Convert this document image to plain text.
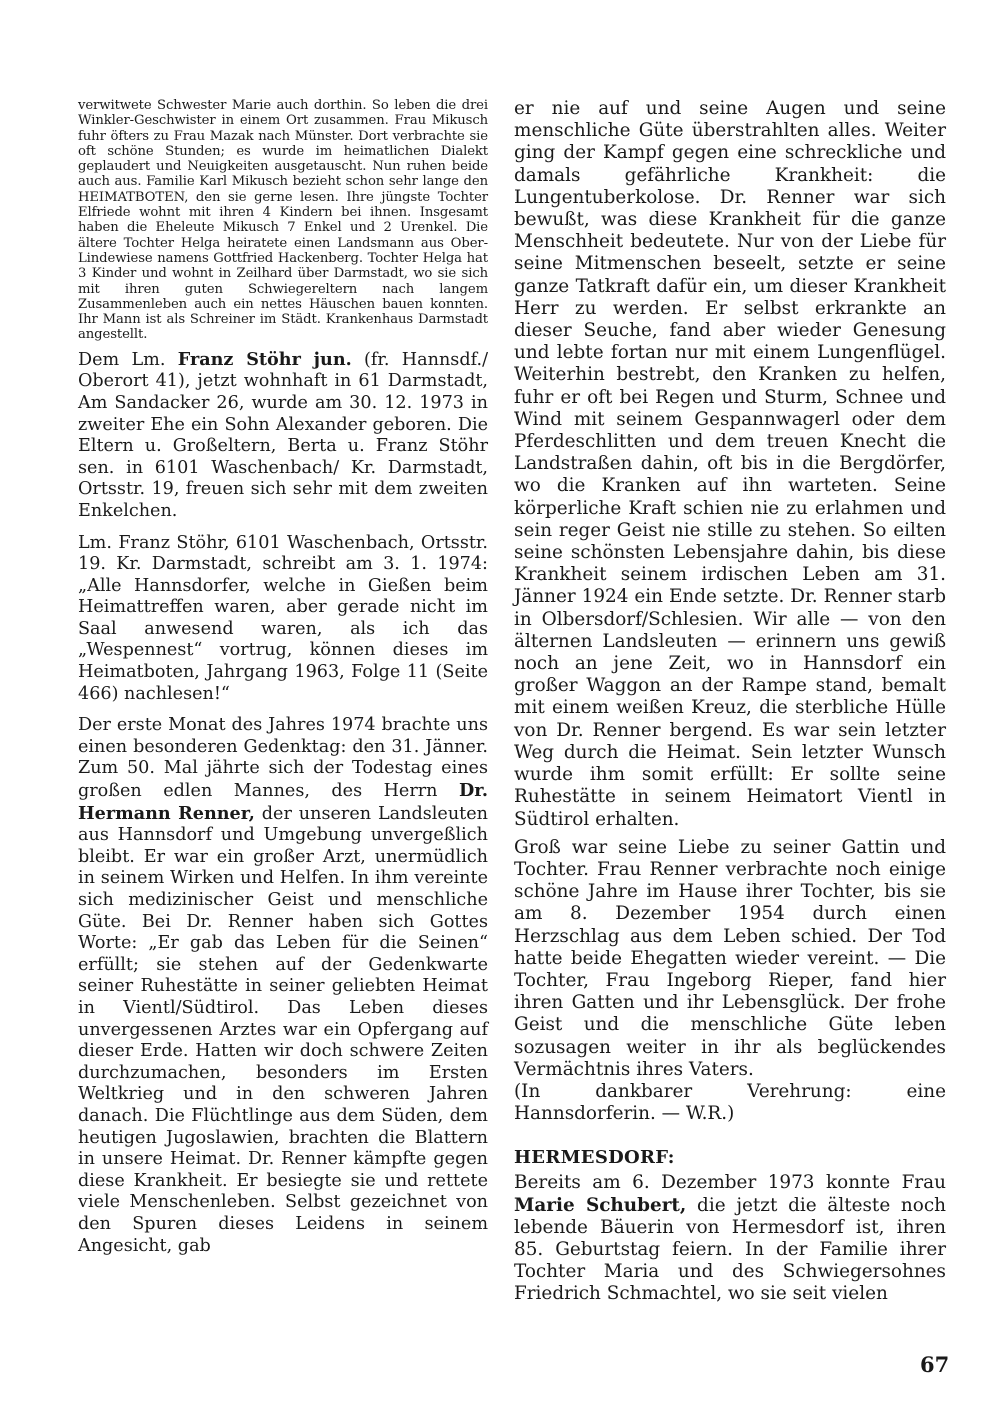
verwitwete Schwester Marie auch dorthin. So leben die drei Winkler-Geschwister in einem Ort zusammen. Frau Mikusch fuhr öfters zu Frau Mazak nach Münster. Dort verbrachte sie oft schöne Stunden; es wurde im heimatlichen Dialekt geplaudert und Neuigkeiten ausgetauscht. Nun ruhen beide auch aus. Familie Karl Mikusch bezieht schon sehr lange den HEIMATBOTEN, den sie gerne lesen. Ihre jüngste Tochter Elfriede wohnt mit ihren 4 Kindern bei ihnen. Insgesamt haben die Eheleute Mikusch 7 Enkel und 2 Urenkel. Die ältere Tochter Helga heiratete einen Landsmann aus Ober-Lindewiese namens Gottfried Hackenberg. Tochter Helga hat 3 Kinder und wohnt in Zeilhard über Darmstadt, wo sie sich mit ihren guten Schwiegereltern nach langem Zusammenleben auch ein nettes Häuschen bauen konnten. Ihr Mann ist als Schreiner im Städt. Krankenhaus Darmstadt angestellt.

Dem Lm. Franz Stöhr jun. (fr. Hannsdf./ Oberort 41), jetzt wohnhaft in 61 Darmstadt, Am Sandacker 26, wurde am 30. 12. 1973 in zweiter Ehe ein Sohn Alexander geboren. Die Eltern u. Großeltern, Berta u. Franz Stöhr sen. in 6101 Waschenbach/ Kr. Darmstadt, Ortsstr. 19, freuen sich sehr mit dem zweiten Enkelchen.

Lm. Franz Stöhr, 6101 Waschenbach, Ortsstr. 19. Kr. Darmstadt, schreibt am 3. 1. 1974: „Alle Hannsdorfer, welche in Gießen beim Heimattreffen waren, aber gerade nicht im Saal anwesend waren, als ich das „Wespennest“ vortrug, können dieses im Heimatboten, Jahrgang 1963, Folge 11 (Seite 466) nachlesen!“

Der erste Monat des Jahres 1974 brachte uns einen besonderen Gedenktag: den 31. Jänner. Zum 50. Mal jährte sich der Todestag eines großen edlen Mannes, des Herrn Dr. Hermann Renner, der unseren Landsleuten aus Hannsdorf und Umgebung unvergeßlich bleibt. Er war ein großer Arzt, unermüdlich in seinem Wirken und Helfen. In ihm vereinte sich medizinischer Geist und menschliche Güte. Bei Dr. Renner haben sich Gottes Worte: „Er gab das Leben für die Seinen“ erfüllt; sie stehen auf der Gedenkwarte seiner Ruhestätte in seiner geliebten Heimat in Vientl/Südtirol. Das Leben dieses unvergessenen Arztes war ein Opfergang auf dieser Erde. Hatten wir doch schwere Zeiten durchzumachen, besonders im Ersten Weltkrieg und in den schweren Jahren danach. Die Flüchtlinge aus dem Süden, dem heutigen Jugoslawien, brachten die Blattern in unsere Heimat. Dr. Renner kämpfte gegen diese Krankheit. Er besiegte sie und rettete viele Menschenleben. Selbst gezeichnet von den Spuren dieses Leidens in seinem Angesicht, gab

er nie auf und seine Augen und seine menschliche Güte überstrahlten alles. Weiter ging der Kampf gegen eine schreckliche und damals gefährliche Krankheit: die Lungentuberkolose. Dr. Renner war sich bewußt, was diese Krankheit für die ganze Menschheit bedeutete. Nur von der Liebe für seine Mitmenschen beseelt, setzte er seine ganze Tatkraft dafür ein, um dieser Krankheit Herr zu werden. Er selbst erkrankte an dieser Seuche, fand aber wieder Genesung und lebte fortan nur mit einem Lungenflügel. Weiterhin bestrebt, den Kranken zu helfen, fuhr er oft bei Regen und Sturm, Schnee und Wind mit seinem Gespannwagerl oder dem Pferdeschlitten und dem treuen Knecht die Landstraßen dahin, oft bis in die Bergdörfer, wo die Kranken auf ihn warteten. Seine körperliche Kraft schien nie zu erlahmen und sein reger Geist nie stille zu stehen. So eilten seine schönsten Lebensjahre dahin, bis diese Krankheit seinem irdischen Leben am 31. Jänner 1924 ein Ende setzte. Dr. Renner starb in Olbersdorf/Schlesien. Wir alle — von den älternen Landsleuten — erinnern uns gewiß noch an jene Zeit, wo in Hannsdorf ein großer Waggon an der Rampe stand, bemalt mit einem weißen Kreuz, die sterbliche Hülle von Dr. Renner bergend. Es war sein letzter Weg durch die Heimat. Sein letzter Wunsch wurde ihm somit erfüllt: Er sollte seine Ruhestätte in seinem Heimatort Vientl in Südtirol erhalten.

Groß war seine Liebe zu seiner Gattin und Tochter. Frau Renner verbrachte noch einige schöne Jahre im Hause ihrer Tochter, bis sie am 8. Dezember 1954 durch einen Herzschlag aus dem Leben schied. Der Tod hatte beide Ehegatten wieder vereint. — Die Tochter, Frau Ingeborg Rieper, fand hier ihren Gatten und ihr Lebensglück. Der frohe Geist und die menschliche Güte leben sozusagen weiter in ihr als beglückendes Vermächtnis ihres Vaters.

(In dankbarer Verehrung: eine Hannsdorferin. — W.R.)

HERMESDORF:

Bereits am 6. Dezember 1973 konnte Frau Marie Schubert, die jetzt die älteste noch lebende Bäuerin von Hermesdorf ist, ihren 85. Geburtstag feiern. In der Familie ihrer Tochter Maria und des Schwiegersohnes Friedrich Schmachtel, wo sie seit vielen

67
